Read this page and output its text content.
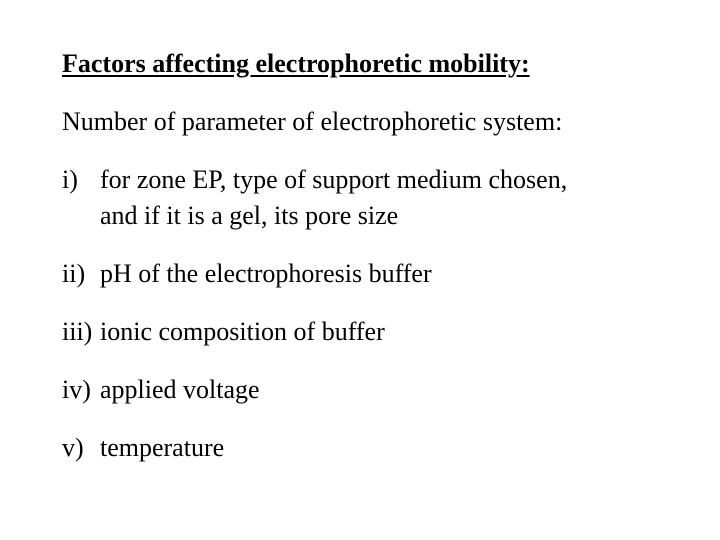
Factors affecting electrophoretic mobility:
Number of parameter of electrophoretic system:
i) for zone EP, type of support medium chosen,
and if it is a gel, its pore size
ii) pH of the electrophoresis buffer
iii) ionic composition of buffer
iv) applied voltage
v) temperature
